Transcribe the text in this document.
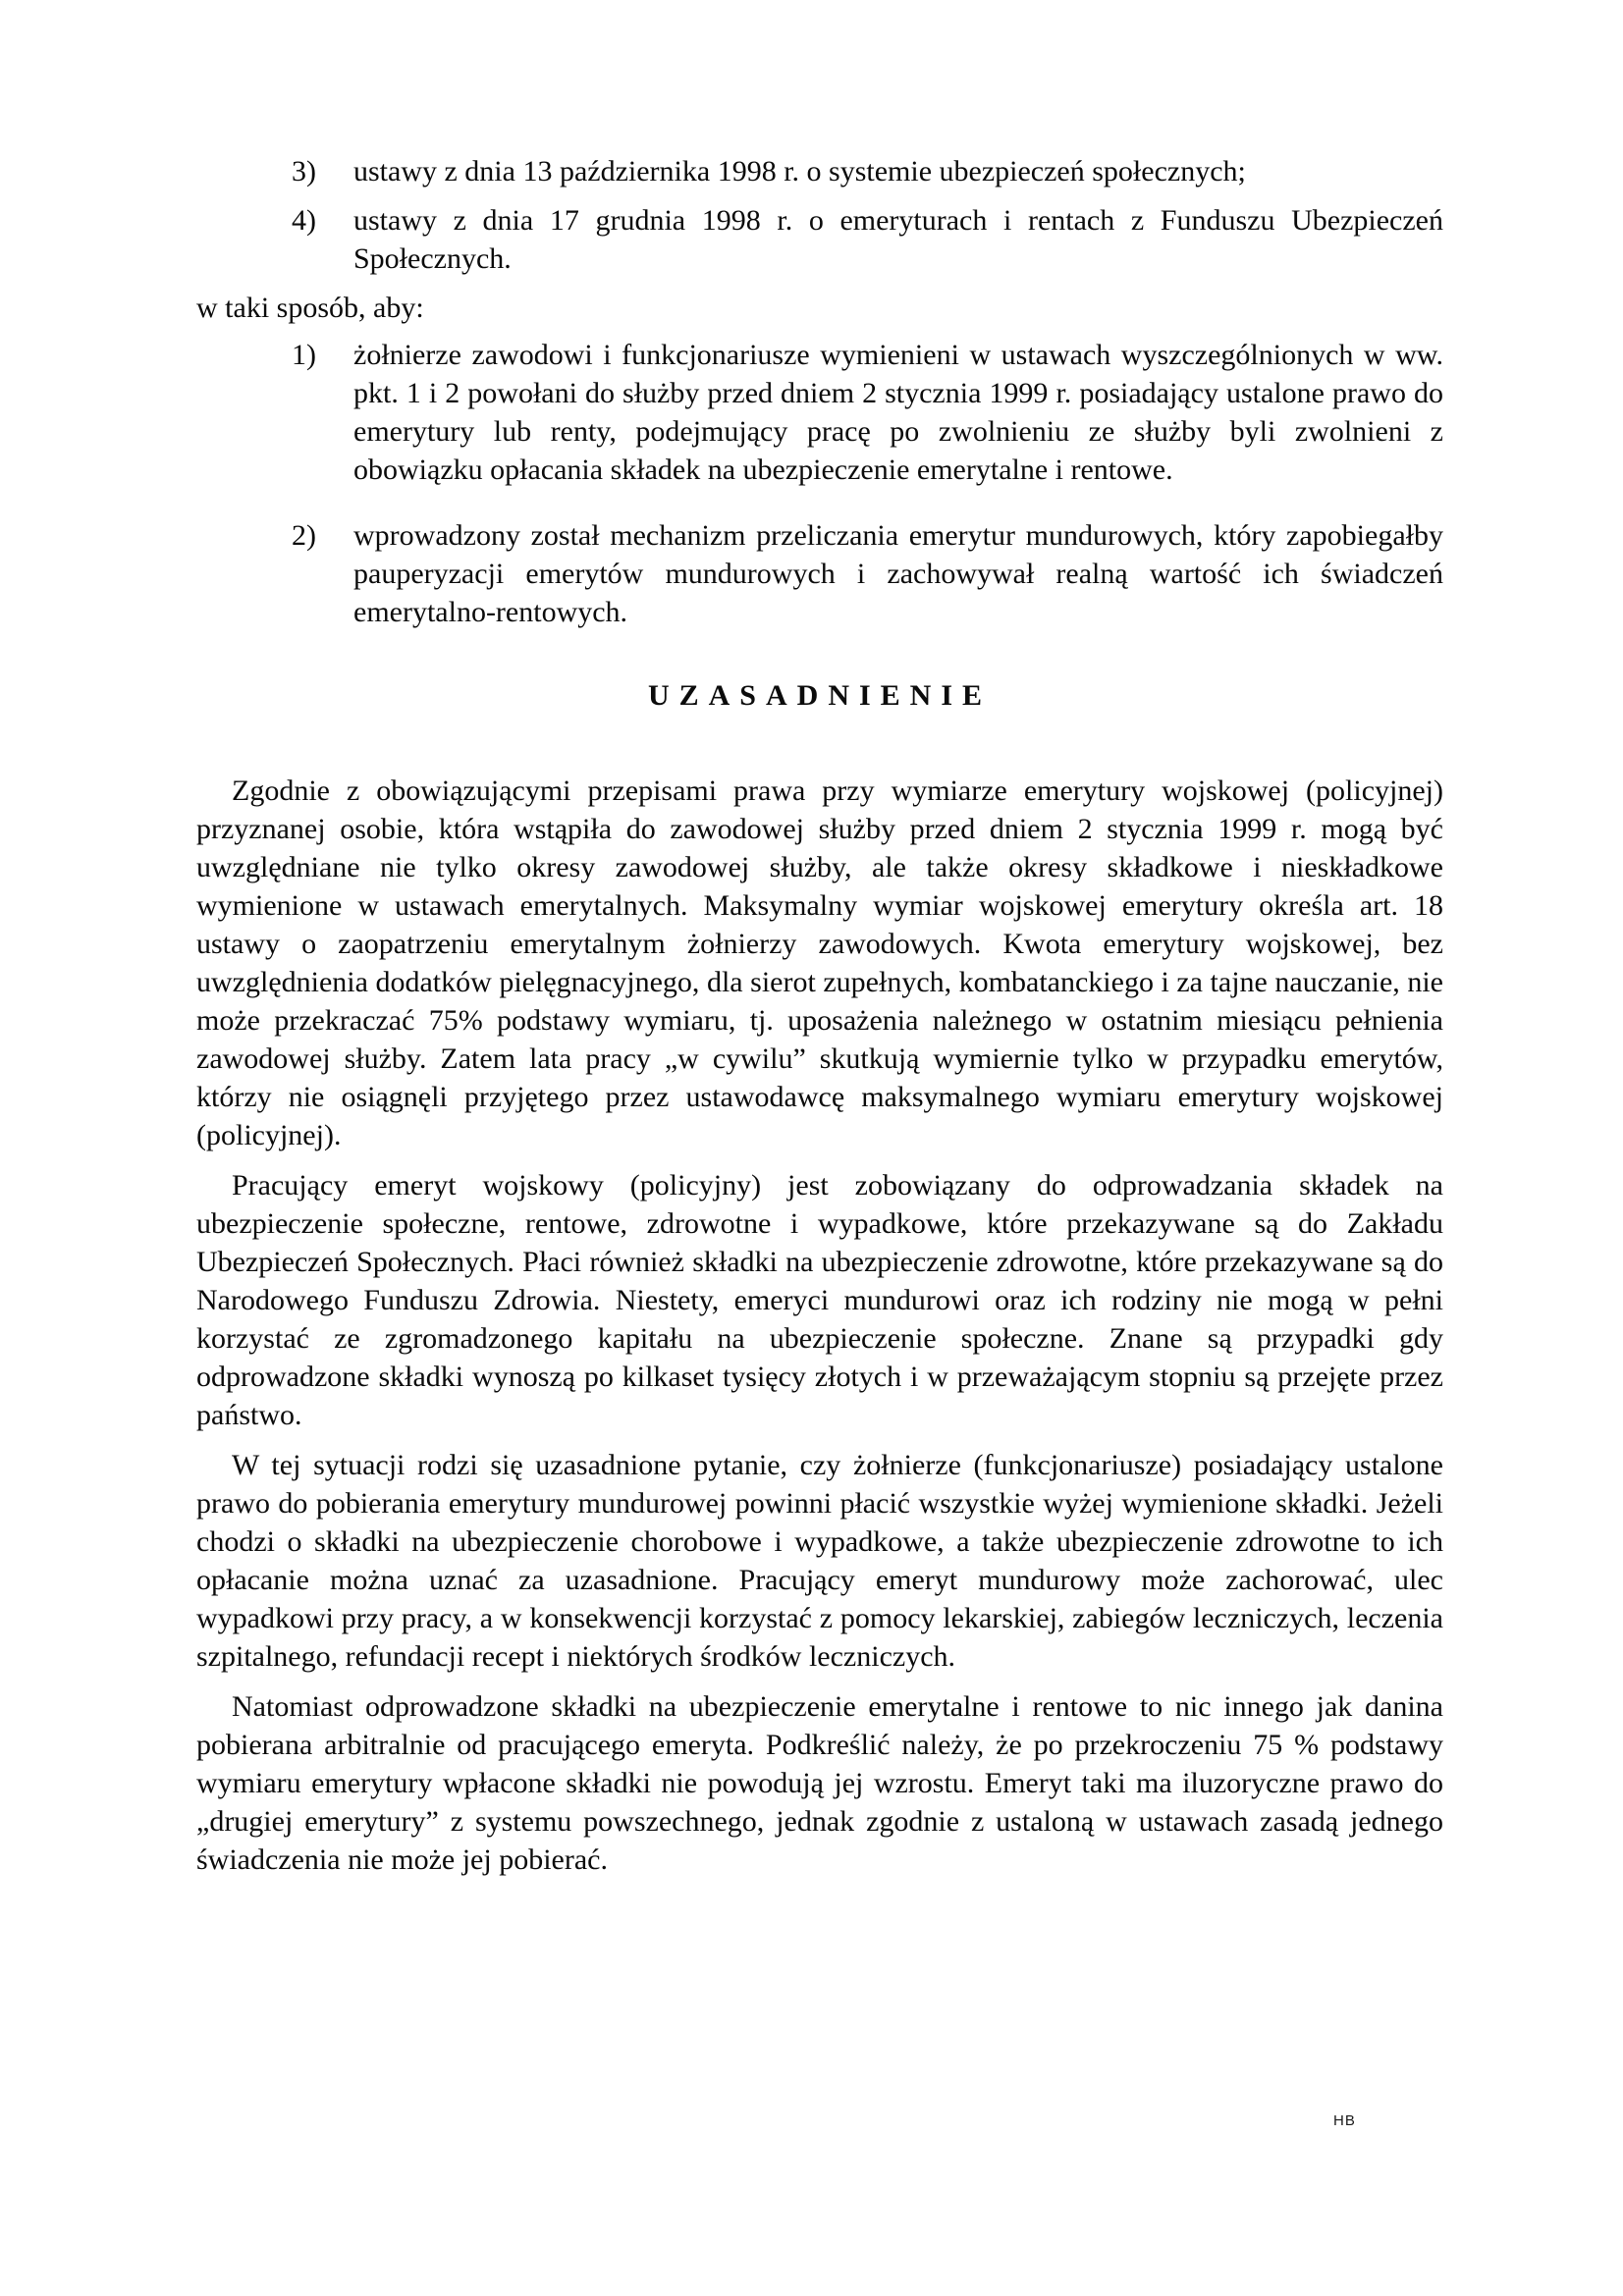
3)	ustawy z dnia 13 października 1998 r. o systemie ubezpieczeń społecznych;
4)	ustawy z dnia 17 grudnia 1998 r. o emeryturach i rentach z Funduszu Ubezpieczeń Społecznych.
w taki sposób, aby:
1)	żołnierze zawodowi i funkcjonariusze wymienieni w ustawach wyszczególnionych w ww. pkt. 1 i 2 powołani do służby przed dniem 2 stycznia 1999 r. posiadający ustalone prawo do emerytury lub renty, podejmujący pracę po zwolnieniu ze służby byli zwolnieni z obowiązku opłacania składek na ubezpieczenie emerytalne i rentowe.
2)	wprowadzony został mechanizm przeliczania emerytur mundurowych, który zapobiegałby pauperyzacji emerytów mundurowych i zachowywał realną wartość ich świadczeń emerytalno-rentowych.
UZASADNIENIE

Zgodnie z obowiązującymi przepisami prawa przy wymiarze emerytury wojskowej (policyjnej) przyznanej osobie, która wstąpiła do zawodowej służby przed dniem 2 stycznia 1999 r. mogą być uwzględniane nie tylko okresy zawodowej służby, ale także okresy składkowe i nieskładkowe wymienione w ustawach emerytalnych. Maksymalny wymiar wojskowej emerytury określa art. 18 ustawy o zaopatrzeniu emerytalnym żołnierzy zawodowych. Kwota emerytury wojskowej, bez uwzględnienia dodatków pielęgnacyjnego, dla sierot zupełnych, kombatanckiego i za tajne nauczanie, nie może przekraczać 75% podstawy wymiaru, tj. uposażenia należnego w ostatnim miesiącu pełnienia zawodowej służby. Zatem lata pracy „w cywilu” skutkują wymiernie tylko w przypadku emerytów, którzy nie osiągnęli przyjętego przez ustawodawcę maksymalnego wymiaru emerytury wojskowej (policyjnej).

Pracujący emeryt wojskowy (policyjny) jest zobowiązany do odprowadzania składek na ubezpieczenie społeczne, rentowe, zdrowotne i wypadkowe, które przekazywane są do Zakładu Ubezpieczeń Społecznych. Płaci również składki na ubezpieczenie zdrowotne, które przekazywane są do Narodowego Funduszu Zdrowia. Niestety, emeryci mundurowi oraz ich rodziny nie mogą w pełni korzystać ze zgromadzonego kapitału na ubezpieczenie społeczne. Znane są przypadki gdy odprowadzone składki wynoszą po kilkaset tysięcy złotych i w przeważającym stopniu są przejęte przez państwo.

W tej sytuacji rodzi się uzasadnione pytanie, czy żołnierze (funkcjonariusze) posiadający ustalone prawo do pobierania emerytury mundurowej powinni płacić wszystkie wyżej wymienione składki. Jeżeli chodzi o składki na ubezpieczenie chorobowe i wypadkowe, a także ubezpieczenie zdrowotne to ich opłacanie można uznać za uzasadnione. Pracujący emeryt mundurowy może zachorować, ulec wypadkowi przy pracy, a w konsekwencji korzystać z pomocy lekarskiej, zabiegów leczniczych, leczenia szpitalnego, refundacji recept i niektórych środków leczniczych.

Natomiast odprowadzone składki na ubezpieczenie emerytalne i rentowe to nic innego jak danina pobierana arbitralnie od pracującego emeryta. Podkreślić należy, że po przekroczeniu 75 % podstawy wymiaru emerytury wpłacone składki nie powodują jej wzrostu. Emeryt taki ma iluzoryczne prawo do „drugiej emerytury” z systemu powszechnego, jednak zgodnie z ustaloną w ustawach zasadą jednego świadczenia nie może jej pobierać.

HB
